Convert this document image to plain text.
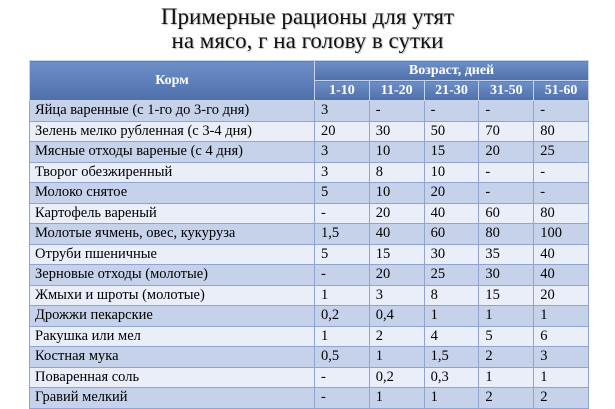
Примерные рационы для утят
на мясо, г на голову в сутки
Корм	Возраст, дней				
	1-10	11-20	21-30	31-50	51-60
Яйца варенные (с 1-го до 3-го дня)	3	-	-	-	-
Зелень мелко рубленная (с 3-4 дня)	20	30	50	70	80
Мясные отходы вареные (с 4 дня)	3	10	15	20	25
Творог обезжиренный	3	8	10	-	-
Молоко снятое	5	10	20	-	-
Картофель вареный	-	20	40	60	80
Молотые ячмень, овес, кукуруза	1,5	40	60	80	100
Отруби пшеничные	5	15	30	35	40
Зерновые отходы (молотые)	-	20	25	30	40
Жмыхи и шроты (молотые)	1	3	8	15	20
Дрожжи пекарские	0,2	0,4	1	1	1
Ракушка или мел	1	2	4	5	6
Костная мука	0,5	1	1,5	2	3
Поваренная соль	-	0,2	0,3	1	1
Гравий мелкий	-	1	1	2	2
